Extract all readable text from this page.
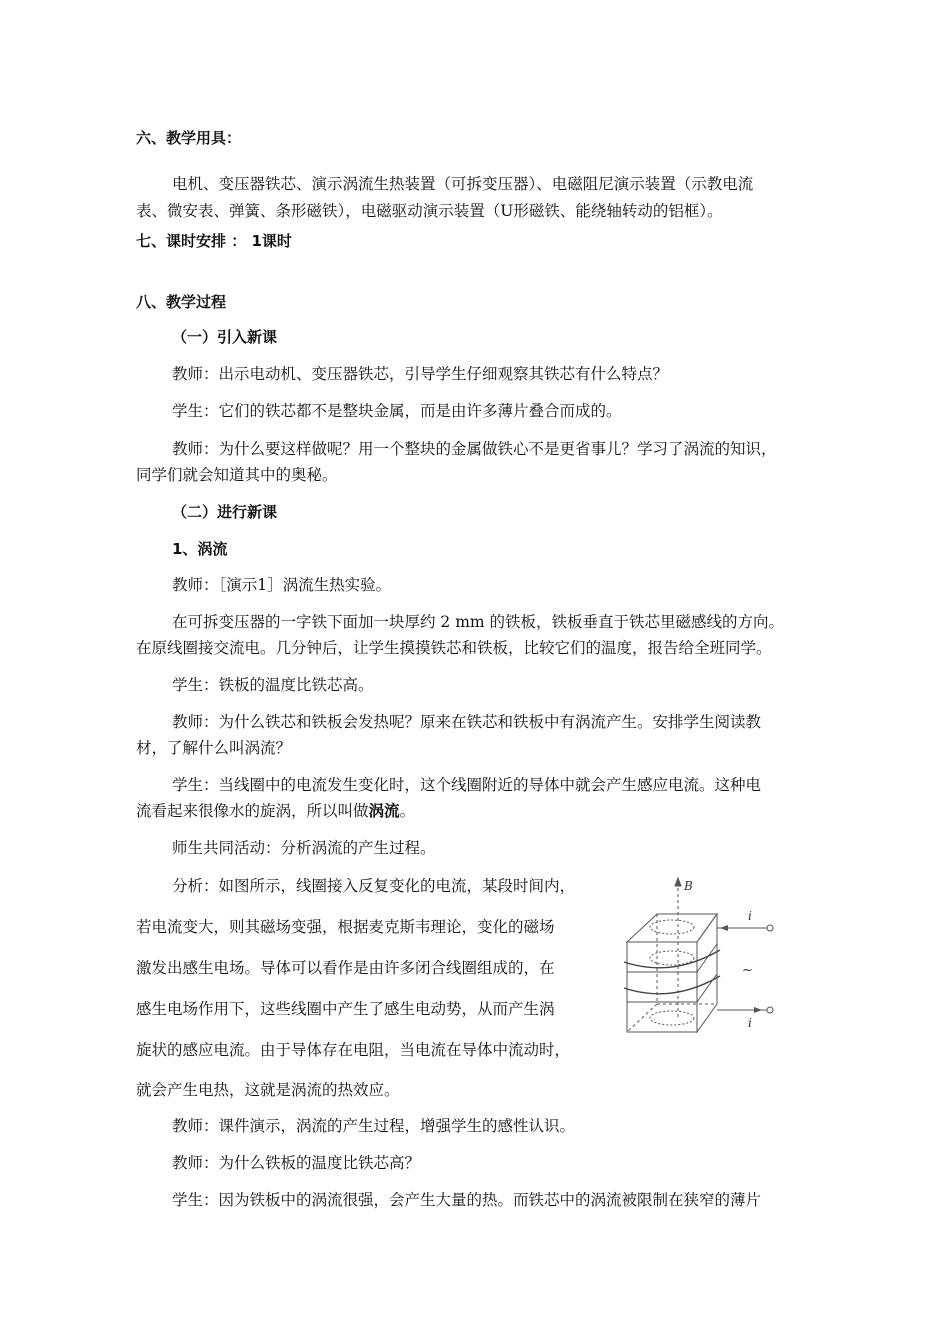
六、教学用具：
电机、变压器铁芯、演示涡流生热装置（可拆变压器）、电磁阻尼演示装置（示教电流
表、微安表、弹簧、条形磁铁），电磁驱动演示装置（U形磁铁、能绕轴转动的铝框）。
七、课时安排 ： 1课时
八、教学过程
（一）引入新课
教师：出示电动机、变压器铁芯，引导学生仔细观察其铁芯有什么特点？
学生：它们的铁芯都不是整块金属，而是由许多薄片叠合而成的。
教师：为什么要这样做呢？用一个整块的金属做铁心不是更省事儿？学习了涡流的知识，
同学们就会知道其中的奥秘。
（二）进行新课
1、涡流
教师：［演示1］涡流生热实验。
在可拆变压器的一字铁下面加一块厚约 2 mm 的铁板，铁板垂直于铁芯里磁感线的方向。
在原线圈接交流电。几分钟后，让学生摸摸铁芯和铁板，比较它们的温度，报告给全班同学。
学生：铁板的温度比铁芯高。
教师：为什么铁芯和铁板会发热呢？原来在铁芯和铁板中有涡流产生。安排学生阅读教
材，了解什么叫涡流？
学生：当线圈中的电流发生变化时，这个线圈附近的导体中就会产生感应电流。这种电
流看起来很像水的旋涡，所以叫做涡流。
师生共同活动：分析涡流的产生过程。
分析：如图所示，线圈接入反复变化的电流，某段时间内，
若电流变大，则其磁场变强，根据麦克斯韦理论，变化的磁场
激发出感生电场。导体可以看作是由许多闭合线圈组成的，在
感生电场作用下，这些线圈中产生了感生电动势，从而产生涡
旋状的感应电流。由于导体存在电阻，当电流在导体中流动时，
就会产生电热，这就是涡流的热效应。
教师：课件演示，涡流的产生过程，增强学生的感性认识。
教师：为什么铁板的温度比铁芯高？
学生：因为铁板中的涡流很强，会产生大量的热。而铁芯中的涡流被限制在狭窄的薄片
B
i
~
i
